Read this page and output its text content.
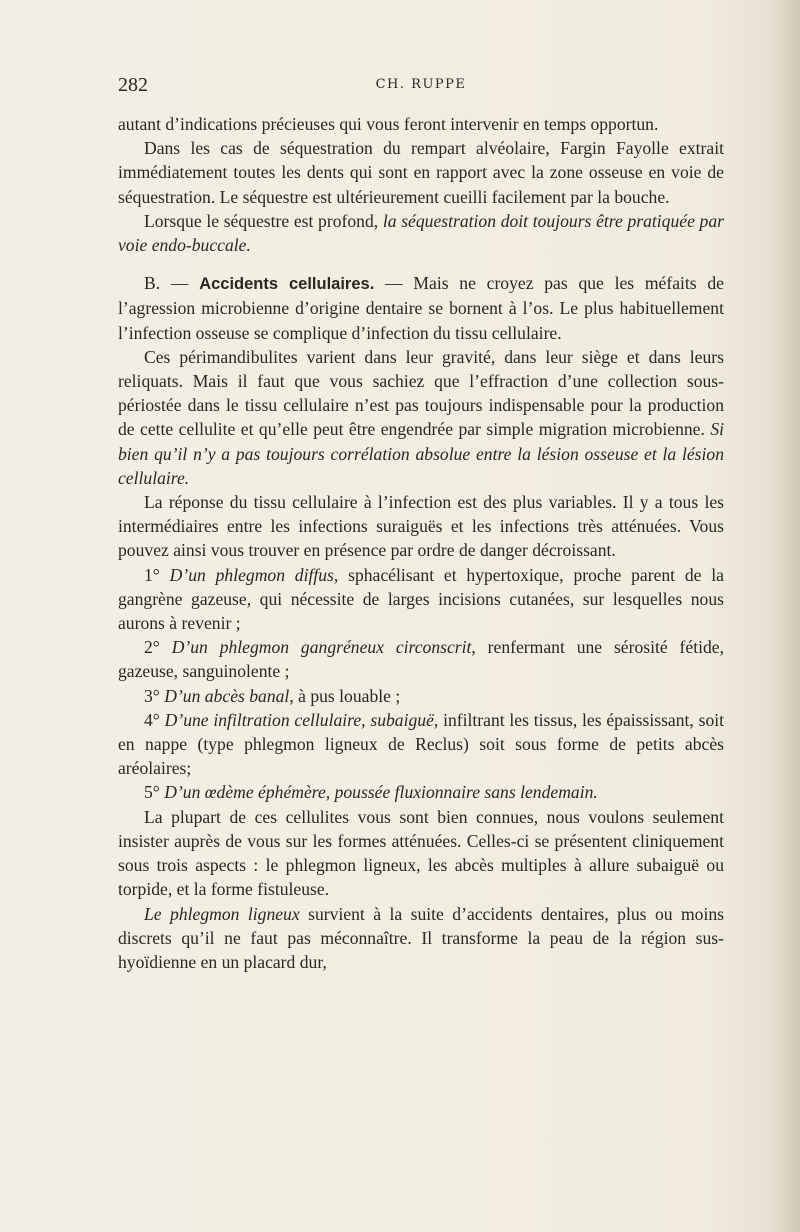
282	CH. RUPPE

autant d’indications précieuses qui vous feront intervenir en temps opportun.

Dans les cas de séquestration du rempart alvéolaire, Fargin Fayolle extrait immédiatement toutes les dents qui sont en rapport avec la zone osseuse en voie de séquestration. Le séquestre est ultérieurement cueilli facilement par la bouche.

Lorsque le séquestre est profond, la séquestration doit toujours être pratiquée par voie endo-buccale.

B. — Accidents cellulaires. — Mais ne croyez pas que les méfaits de l’agression microbienne d’origine dentaire se bornent à l’os. Le plus habituellement l’infection osseuse se complique d’infection du tissu cellulaire.

Ces périmandibulites varient dans leur gravité, dans leur siège et dans leurs reliquats. Mais il faut que vous sachiez que l’effraction d’une collection sous-périostée dans le tissu cellulaire n’est pas toujours indispensable pour la production de cette cellulite et qu’elle peut être engendrée par simple migration microbienne. Si bien qu’il n’y a pas toujours corrélation absolue entre la lésion osseuse et la lésion cellulaire.

La réponse du tissu cellulaire à l’infection est des plus variables. Il y a tous les intermédiaires entre les infections suraiguës et les infections très atténuées. Vous pouvez ainsi vous trouver en présence par ordre de danger décroissant.

1° D’un phlegmon diffus, sphacélisant et hypertoxique, proche parent de la gangrène gazeuse, qui nécessite de larges incisions cutanées, sur lesquelles nous aurons à revenir ;

2° D’un phlegmon gangréneux circonscrit, renfermant une sérosité fétide, gazeuse, sanguinolente ;

3° D’un abcès banal, à pus louable ;

4° D’une infiltration cellulaire, subaiguë, infiltrant les tissus, les épaississant, soit en nappe (type phlegmon ligneux de Reclus) soit sous forme de petits abcès aréolaires;

5° D’un œdème éphémère, poussée fluxionnaire sans lendemain.

La plupart de ces cellulites vous sont bien connues, nous voulons seulement insister auprès de vous sur les formes atténuées. Celles-ci se présentent cliniquement sous trois aspects : le phlegmon ligneux, les abcès multiples à allure subaiguë ou torpide, et la forme fistuleuse.

Le phlegmon ligneux survient à la suite d’accidents dentaires, plus ou moins discrets qu’il ne faut pas méconnaître. Il transforme la peau de la région sus-hyoïdienne en un placard dur,
